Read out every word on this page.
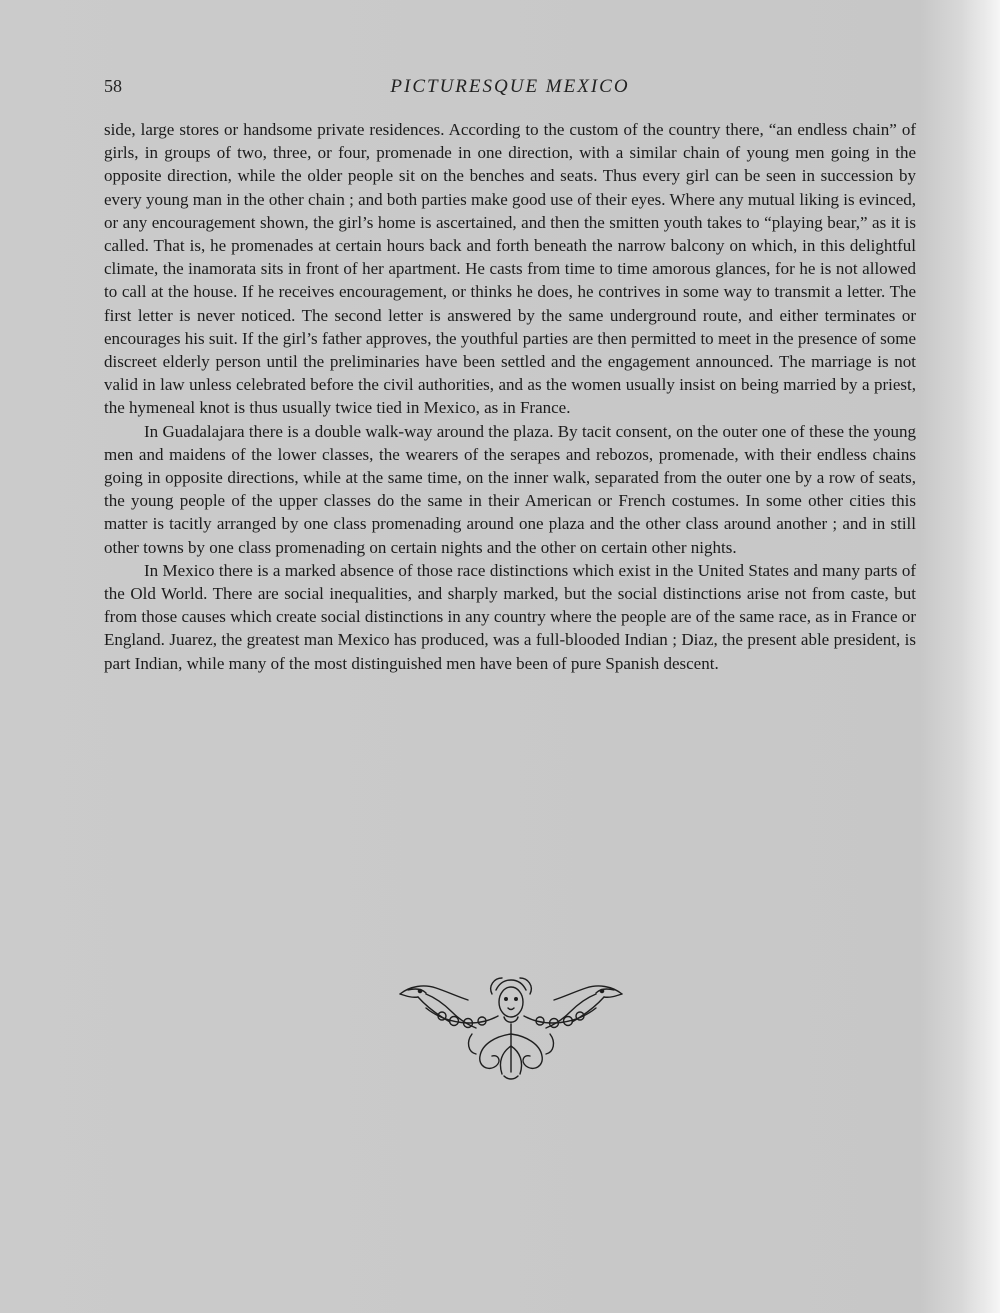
58	PICTURESQUE MEXICO

side, large stores or handsome private residences. According to the custom of the country there, “an endless chain” of girls, in groups of two, three, or four, promenade in one direction, with a similar chain of young men going in the opposite direction, while the older people sit on the benches and seats. Thus every girl can be seen in succession by every young man in the other chain ; and both parties make good use of their eyes. Where any mutual liking is evinced, or any encouragement shown, the girl’s home is ascertained, and then the smitten youth takes to “playing bear,” as it is called. That is, he promenades at certain hours back and forth beneath the narrow balcony on which, in this delightful climate, the inamorata sits in front of her apartment. He casts from time to time amorous glances, for he is not allowed to call at the house. If he receives encouragement, or thinks he does, he contrives in some way to transmit a letter. The first letter is never noticed. The second letter is answered by the same underground route, and either terminates or encourages his suit. If the girl’s father approves, the youthful parties are then permitted to meet in the presence of some discreet elderly person until the preliminaries have been settled and the engagement announced. The marriage is not valid in law unless celebrated before the civil authorities, and as the women usually insist on being married by a priest, the hymeneal knot is thus usually twice tied in Mexico, as in France.

In Guadalajara there is a double walk-way around the plaza. By tacit consent, on the outer one of these the young men and maidens of the lower classes, the wearers of the serapes and rebozos, promenade, with their endless chains going in opposite directions, while at the same time, on the inner walk, separated from the outer one by a row of seats, the young people of the upper classes do the same in their American or French costumes. In some other cities this matter is tacitly arranged by one class promenading around one plaza and the other class around another ; and in still other towns by one class promenading on certain nights and the other on certain other nights.

In Mexico there is a marked absence of those race distinctions which exist in the United States and many parts of the Old World. There are social inequalities, and sharply marked, but the social distinctions arise not from caste, but from those causes which create social distinctions in any country where the people are of the same race, as in France or England. Juarez, the greatest man Mexico has produced, was a full-blooded Indian ; Diaz, the present able president, is part Indian, while many of the most distinguished men have been of pure Spanish descent.
